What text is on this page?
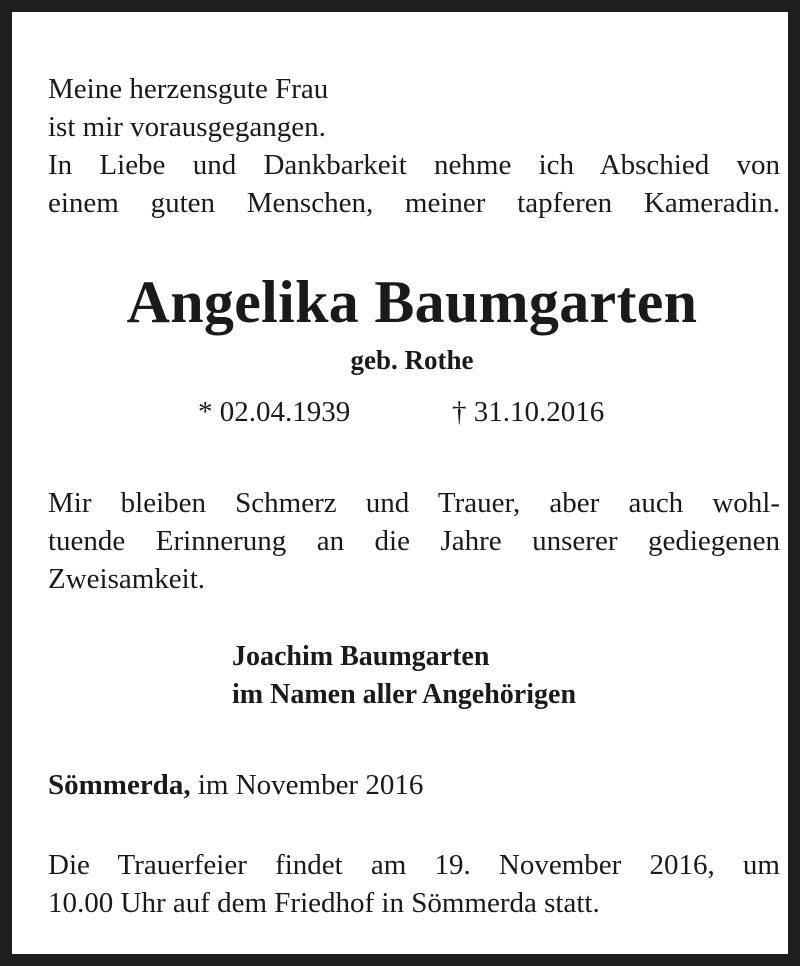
Meine herzensgute Frau
ist mir vorausgegangen.
In Liebe und Dankbarkeit nehme ich Abschied von
einem guten Menschen, meiner tapferen Kameradin.
Angelika Baumgarten
geb. Rothe
* 02.04.1939	† 31.10.2016
Mir bleiben Schmerz und Trauer, aber auch wohl-
tuende Erinnerung an die Jahre unserer gediegenen
Zweisamkeit.
Joachim Baumgarten
im Namen aller Angehörigen
Sömmerda, im November 2016
Die Trauerfeier findet am 19. November 2016, um
10.00 Uhr auf dem Friedhof in Sömmerda statt.
